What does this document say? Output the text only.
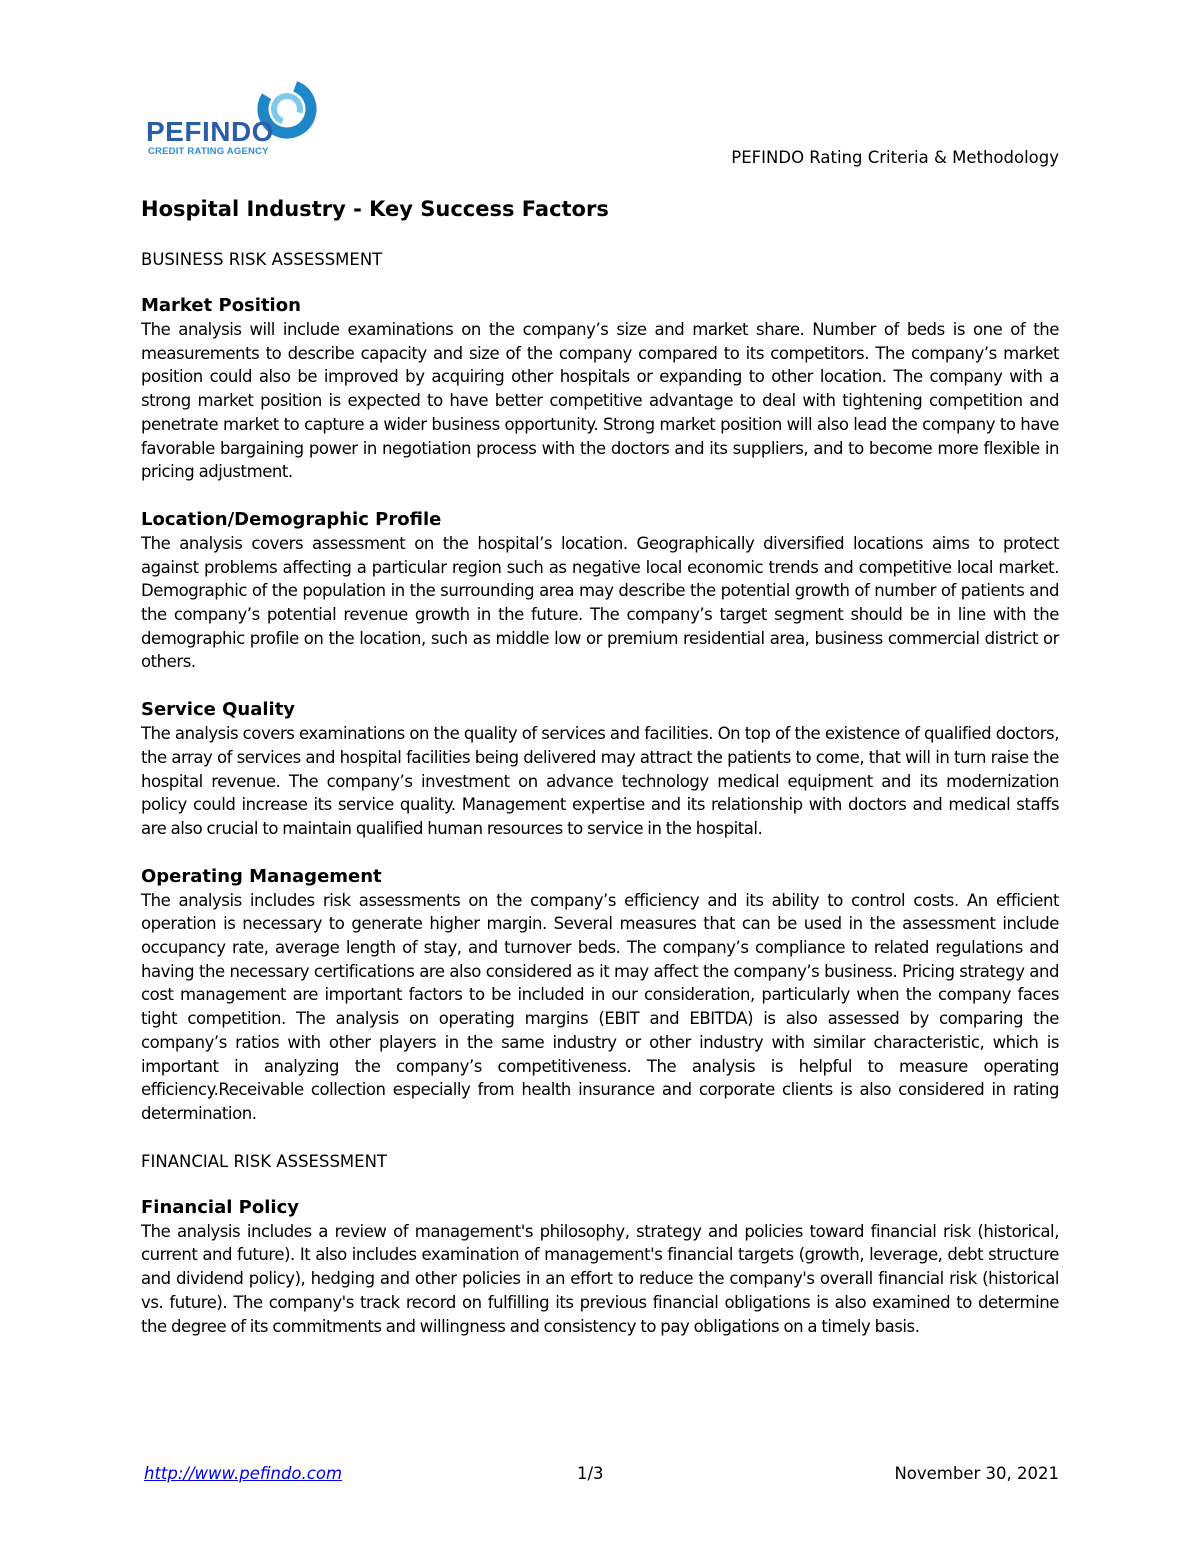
PEFINDO
CREDIT RATING AGENCY	PEFINDO Rating Criteria & Methodology
Hospital Industry - Key Success Factors
BUSINESS RISK ASSESSMENT
Market Position
The analysis will include examinations on the company’s size and market share. Number of beds is one of the measurements to describe capacity and size of the company compared to its competitors. The company’s market position could also be improved by acquiring other hospitals or expanding to other location. The company with a strong market position is expected to have better competitive advantage to deal with tightening competition and penetrate market to capture a wider business opportunity. Strong market position will also lead the company to have favorable bargaining power in negotiation process with the doctors and its suppliers, and to become more flexible in pricing adjustment.
Location/Demographic Profile
The analysis covers assessment on the hospital’s location. Geographically diversified locations aims to protect against problems affecting a particular region such as negative local economic trends and competitive local market. Demographic of the population in the surrounding area may describe the potential growth of number of patients and the company’s potential revenue growth in the future. The company’s target segment should be in line with the demographic profile on the location, such as middle low or premium residential area, business commercial district or others.
Service Quality
The analysis covers examinations on the quality of services and facilities. On top of the existence of qualified doctors, the array of services and hospital facilities being delivered may attract the patients to come, that will in turn raise the hospital revenue. The company’s investment on advance technology medical equipment and its modernization policy could increase its service quality. Management expertise and its relationship with doctors and medical staffs are also crucial to maintain qualified human resources to service in the hospital.
Operating Management
The analysis includes risk assessments on the company’s efficiency and its ability to control costs. An efficient operation is necessary to generate higher margin. Several measures that can be used in the assessment include occupancy rate, average length of stay, and turnover beds. The company’s compliance to related regulations and having the necessary certifications are also considered as it may affect the company’s business. Pricing strategy and cost management are important factors to be included in our consideration, particularly when the company faces tight competition. The analysis on operating margins (EBIT and EBITDA) is also assessed by comparing the company’s ratios with other players in the same industry or other industry with similar characteristic, which is important in analyzing the company’s competitiveness. The analysis is helpful to measure operating efficiency.Receivable collection especially from health insurance and corporate clients is also considered in rating determination.
FINANCIAL RISK ASSESSMENT
Financial Policy
The analysis includes a review of management's philosophy, strategy and policies toward financial risk (historical, current and future). It also includes examination of management's financial targets (growth, leverage, debt structure and dividend policy), hedging and other policies in an effort to reduce the company's overall financial risk (historical vs. future). The company's track record on fulfilling its previous financial obligations is also examined to determine the degree of its commitments and willingness and consistency to pay obligations on a timely basis.
http://www.pefindo.com	1/3	November 30, 2021
